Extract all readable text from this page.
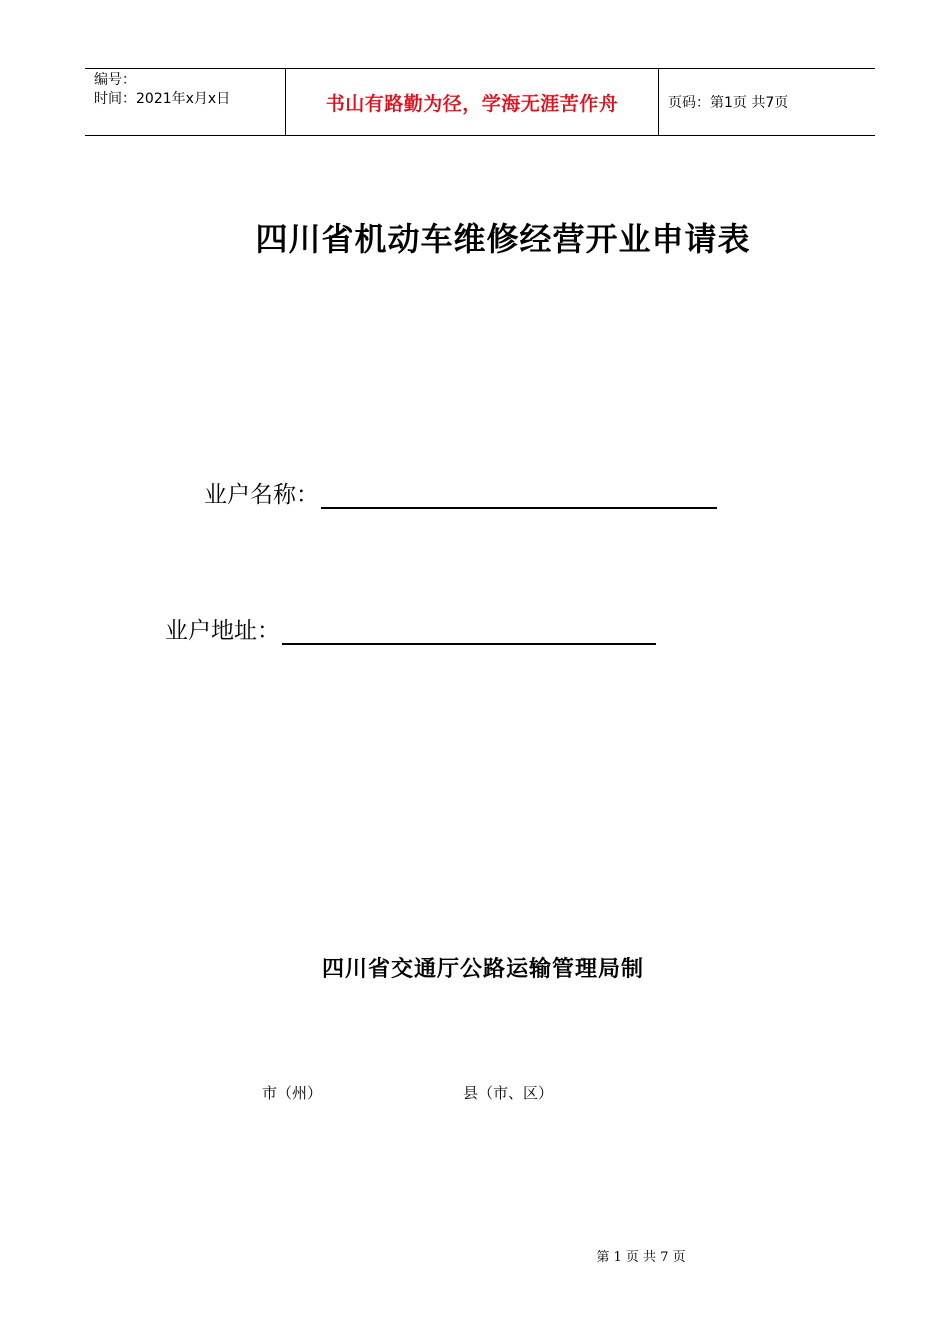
编号：
时间：2021年x月x日	书山有路勤为径，学海无涯苦作舟	页码：第1页 共7页
四川省机动车维修经营开业申请表
业户名称：
业户地址：
四川省交通厅公路运输管理局制
市（州）	县（市、区）
第 1 页 共 7 页
